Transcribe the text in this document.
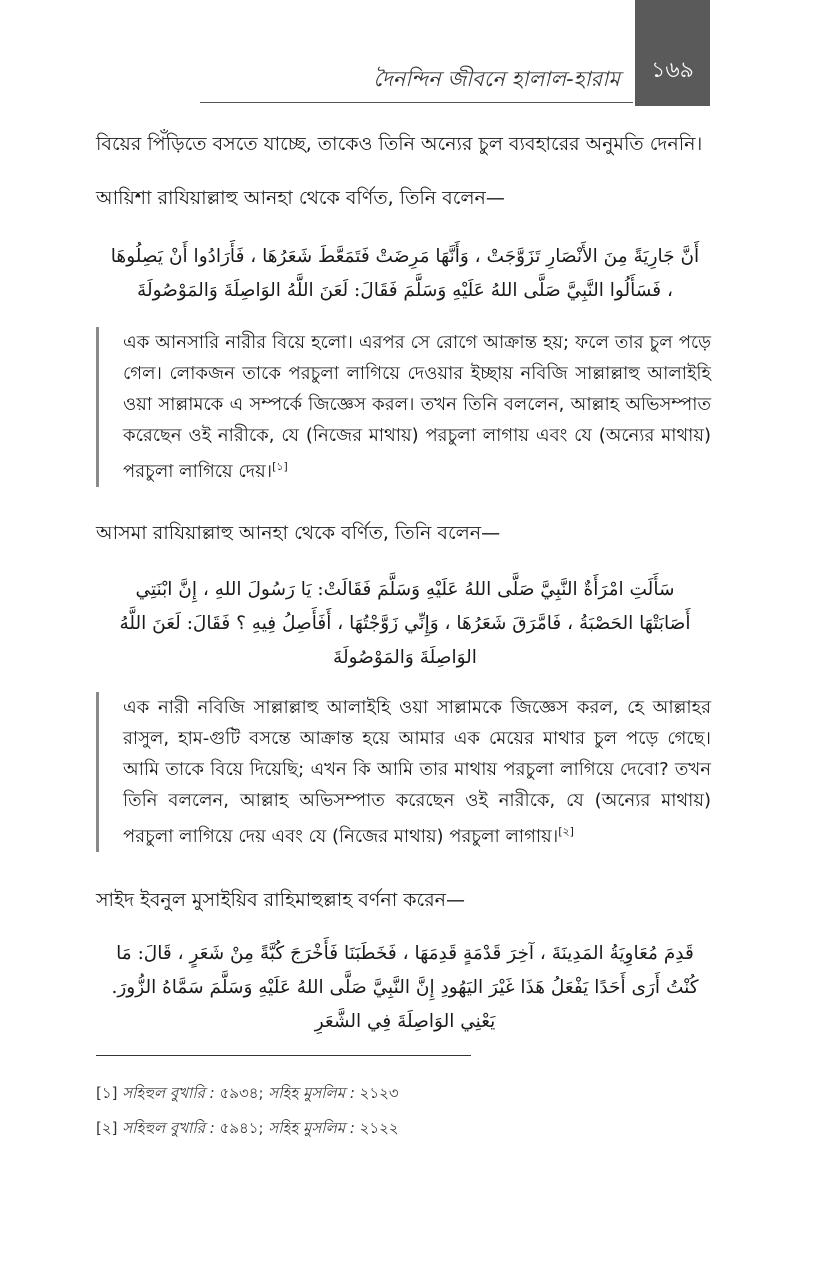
দৈনন্দিন জীবনে হালাল-হারাম ১৬৯

বিয়ের পিঁড়িতে বসতে যাচ্ছে, তাকেও তিনি অন্যের চুল ব্যবহারের অনুমতি দেননি।

আয়িশা রাযিয়াল্লাহু আনহা থেকে বর্ণিত, তিনি বলেন—

أَنَّ جَارِيَةً مِنَ الأَنْصَارِ تَزَوَّجَتْ ، وَأَنَّهَا مَرِضَتْ فَتَمَعَّطَ شَعَرُهَا ، فَأَرَادُوا أَنْ يَصِلُوهَا ، فَسَأَلُوا النَّبِيَّ صَلَّى اللهُ عَلَيْهِ وَسَلَّمَ فَقَالَ: لَعَنَ اللَّهُ الوَاصِلَةَ وَالمَوْصُولَةَ

এক আনসারি নারীর বিয়ে হলো। এরপর সে রোগে আক্রান্ত হয়; ফলে তার চুল পড়ে গেল। লোকজন তাকে পরচুলা লাগিয়ে দেওয়ার ইচ্ছায় নবিজি সাল্লাল্লাহু আলাইহি ওয়া সাল্লামকে এ সম্পর্কে জিজ্ঞেস করল। তখন তিনি বললেন, আল্লাহ অভিসম্পাত করেছেন ওই নারীকে, যে (নিজের মাথায়) পরচুলা লাগায় এবং যে (অন্যের মাথায়) পরচুলা লাগিয়ে দেয়।[১]

আসমা রাযিয়াল্লাহু আনহা থেকে বর্ণিত, তিনি বলেন—

سَأَلَتِ امْرَأَةٌ النَّبِيَّ صَلَّى اللهُ عَلَيْهِ وَسَلَّمَ فَقَالَتْ: يَا رَسُولَ اللهِ ، إِنَّ ابْنَتِي أَصَابَتْهَا الحَصْبَةُ ، فَامَّرَقَ شَعَرُهَا ، وَإِنِّي زَوَّجْتُهَا ، أَفَأَصِلُ فِيهِ ؟ فَقَالَ: لَعَنَ اللَّهُ الوَاصِلَةَ وَالمَوْصُولَةَ

এক নারী নবিজি সাল্লাল্লাহু আলাইহি ওয়া সাল্লামকে জিজ্ঞেস করল, হে আল্লাহর রাসুল, হাম-গুটি বসন্তে আক্রান্ত হয়ে আমার এক মেয়ের মাথার চুল পড়ে গেছে। আমি তাকে বিয়ে দিয়েছি; এখন কি আমি তার মাথায় পরচুলা লাগিয়ে দেবো? তখন তিনি বললেন, আল্লাহ অভিসম্পাত করেছেন ওই নারীকে, যে (অন্যের মাথায়) পরচুলা লাগিয়ে দেয় এবং যে (নিজের মাথায়) পরচুলা লাগায়।[২]

সাইদ ইবনুল মুসাইয়িব রাহিমাহুল্লাহ বর্ণনা করেন—

قَدِمَ مُعَاوِيَةُ المَدِينَةَ ، آخِرَ قَدْمَةٍ قَدِمَهَا ، فَخَطَبَنَا فَأَخْرَجَ كُبَّةً مِنْ شَعَرٍ ، قَالَ: مَا كُنْتُ أَرَى أَحَدًا يَفْعَلُ هَذَا غَيْرَ اليَهُودِ إِنَّ النَّبِيَّ صَلَّى اللهُ عَلَيْهِ وَسَلَّمَ سَمَّاهُ الزُّورَ. يَعْنِي الوَاصِلَةَ فِي الشَّعَرِ

[১] সহিহুল বুখারি : ৫৯৩৪; সহিহ মুসলিম : ২১২৩
[২] সহিহুল বুখারি : ৫৯৪১; সহিহ মুসলিম : ২১২২
